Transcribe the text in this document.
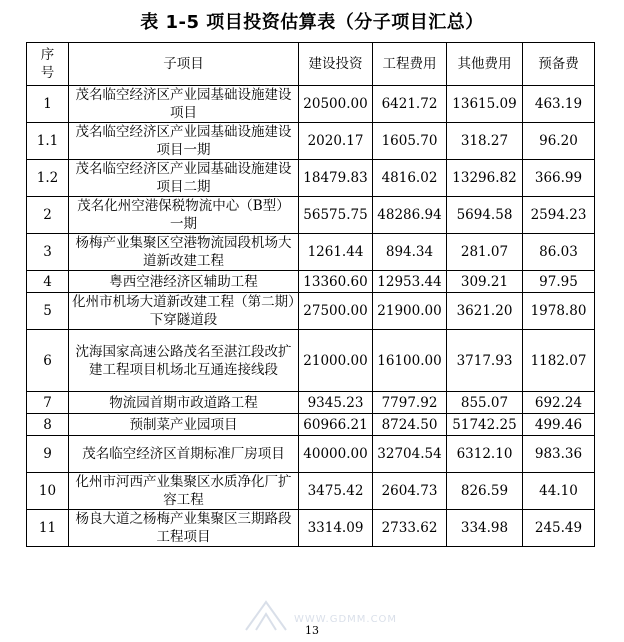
表 1-5 项目投资估算表（分子项目汇总）
序号	子项目	建设投资	工程费用	其他费用	预备费
1	茂名临空经济区产业园基础设施建设项目	20500.00	6421.72	13615.09	463.19
1.1	茂名临空经济区产业园基础设施建设项目一期	2020.17	1605.70	318.27	96.20
1.2	茂名临空经济区产业园基础设施建设项目二期	18479.83	4816.02	13296.82	366.99
2	茂名化州空港保税物流中心（B型）一期	56575.75	48286.94	5694.58	2594.23
3	杨梅产业集聚区空港物流园段机场大道新改建工程	1261.44	894.34	281.07	86.03
4	粤西空港经济区辅助工程	13360.60	12953.44	309.21	97.95
5	化州市机场大道新改建工程（第二期）下穿隧道段	27500.00	21900.00	3621.20	1978.80
6	沈海国家高速公路茂名至湛江段改扩建工程项目机场北互通连接线段	21000.00	16100.00	3717.93	1182.07
7	物流园首期市政道路工程	9345.23	7797.92	855.07	692.24
8	预制菜产业园项目	60966.21	8724.50	51742.25	499.46
9	茂名临空经济区首期标准厂房项目	40000.00	32704.54	6312.10	983.36
10	化州市河西产业集聚区水质净化厂扩容工程	3475.42	2604.73	826.59	44.10
11	杨良大道之杨梅产业集聚区三期路段工程项目	3314.09	2733.62	334.98	245.49
WWW.GDMM.COM
13
